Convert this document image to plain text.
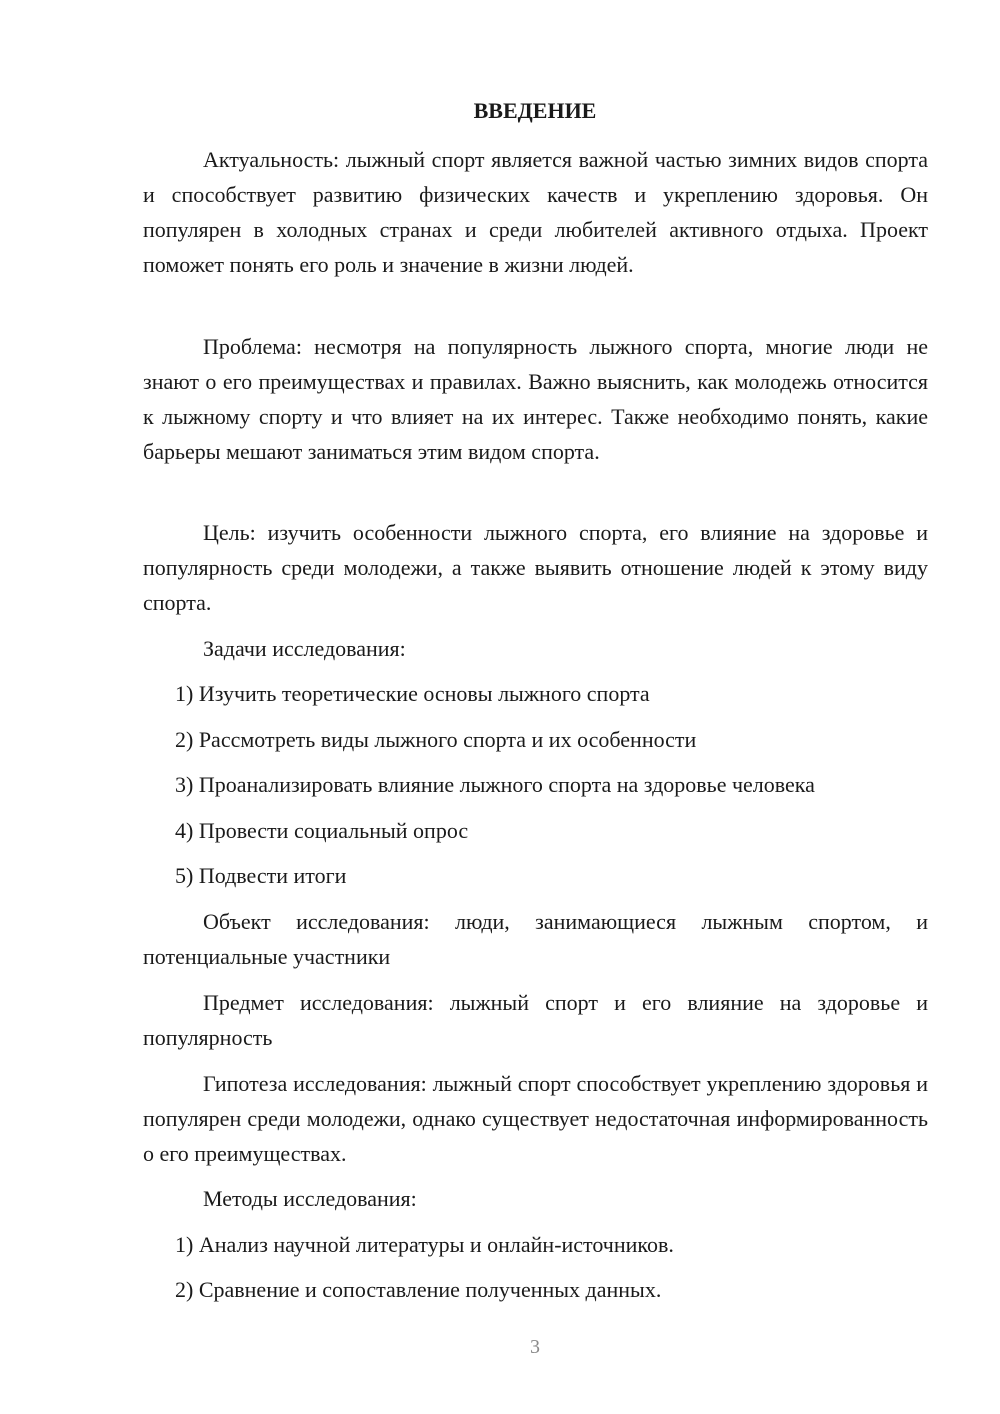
ВВЕДЕНИЕ

Актуальность: лыжный спорт является важной частью зимних видов спорта и способствует развитию физических качеств и укреплению здоровья. Он популярен в холодных странах и среди любителей активного отдыха. Проект поможет понять его роль и значение в жизни людей.

Проблема: несмотря на популярность лыжного спорта, многие люди не знают о его преимуществах и правилах. Важно выяснить, как молодежь относится к лыжному спорту и что влияет на их интерес. Также необходимо понять, какие барьеры мешают заниматься этим видом спорта.

Цель: изучить особенности лыжного спорта, его влияние на здоровье и популярность среди молодежи, а также выявить отношение людей к этому виду спорта.

Задачи исследования:

1) Изучить теоретические основы лыжного спорта
2) Рассмотреть виды лыжного спорта и их особенности
3) Проанализировать влияние лыжного спорта на здоровье человека
4) Провести социальный опрос
5) Подвести итоги

Объект исследования: люди, занимающиеся лыжным спортом, и потенциальные участники

Предмет исследования: лыжный спорт и его влияние на здоровье и популярность

Гипотеза исследования: лыжный спорт способствует укреплению здоровья и популярен среди молодежи, однако существует недостаточная информированность о его преимуществах.

Методы исследования:

1) Анализ научной литературы и онлайн-источников.
2) Сравнение и сопоставление полученных данных.
3
